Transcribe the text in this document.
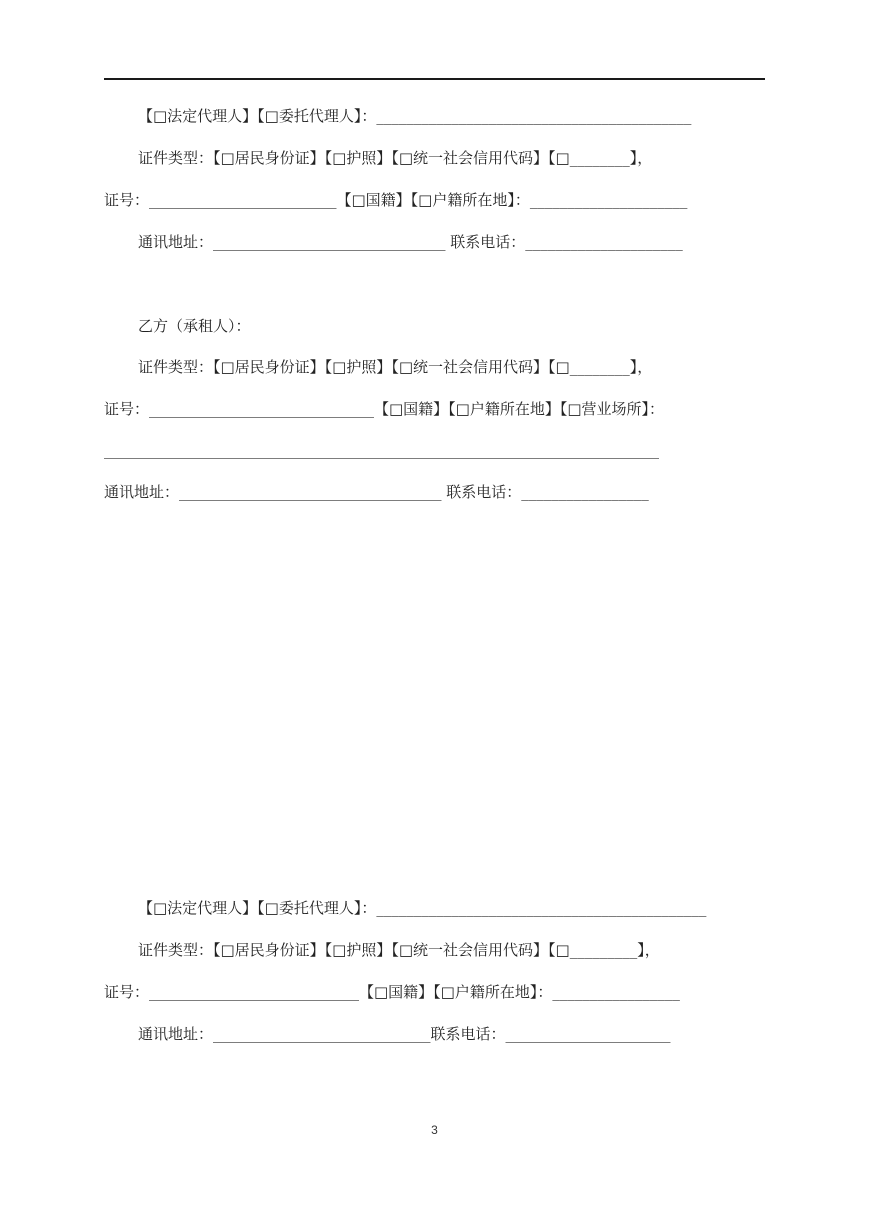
【□法定代理人】【□委托代理人】：__________________________________________
证件类型：【□居民身份证】【□护照】【□统一社会信用代码】【□________】，
证号：_________________________【□国籍】【□户籍所在地】：_____________________
通讯地址：_______________________________ 联系电话：_____________________
乙方（承租人）：
证件类型：【□居民身份证】【□护照】【□统一社会信用代码】【□________】，
证号：______________________________【□国籍】【□户籍所在地】【□营业场所】：
__________________________________________________________________________
通讯地址：___________________________________ 联系电话：_________________
【□法定代理人】【□委托代理人】：____________________________________________
证件类型：【□居民身份证】【□护照】【□统一社会信用代码】【□_________】，
证号：____________________________【□国籍】【□户籍所在地】：_________________
通讯地址：_____________________________联系电话：______________________
3
